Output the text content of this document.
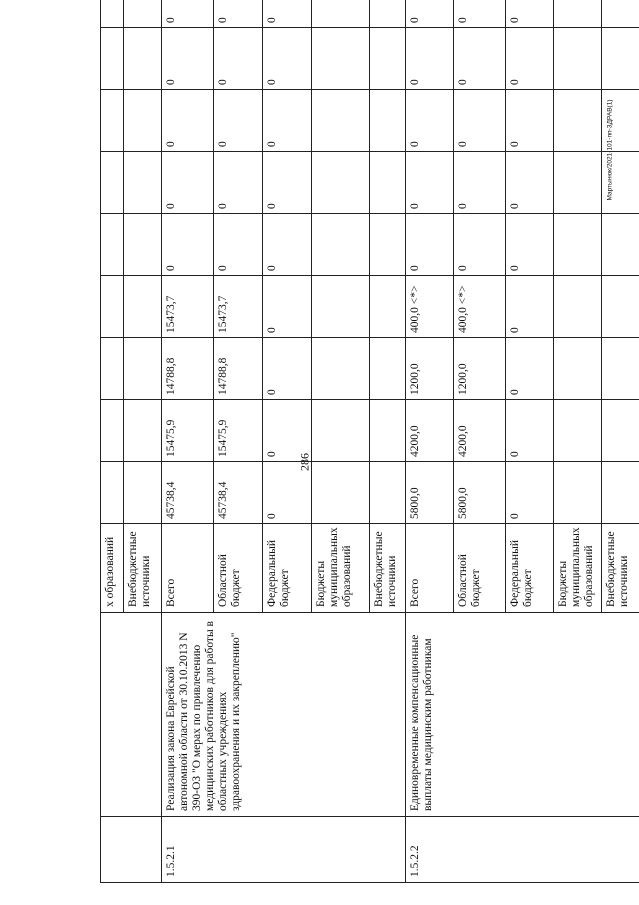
286
Мартынюк/2021-101-пп-ЗДРАВ(1)
		х образований									
		Внебюджетные источники									
1.5.2.1	Реализация закона Еврейской автономной области от 30.10.2013 N 390-ОЗ "О мерах по привлечению медицинских работников для работы в областных учреждениях здравоохранения и их закреплению"	Всего	45738,4	15475,9	14788,8	15473,7	0	0	0	0	0
		Областной бюджет	45738,4	15475,9	14788,8	15473,7	0	0	0	0	0
		Федеральный бюджет	0	0	0	0	0	0	0	0	0
		Бюджеты муниципальных образований									
		Внебюджетные источники									
1.5.2.2	Единовременные компенсационные выплаты медицинским работникам	Всего	5800,0	4200,0	1200,0	400,0 <*>	0	0	0	0	0
		Областной бюджет	5800,0	4200,0	1200,0	400,0 <*>	0	0	0	0	0
		Федеральный бюджет	0	0	0	0	0	0	0	0	0
		Бюджеты муниципальных образований									
		Внебюджетные источники									
